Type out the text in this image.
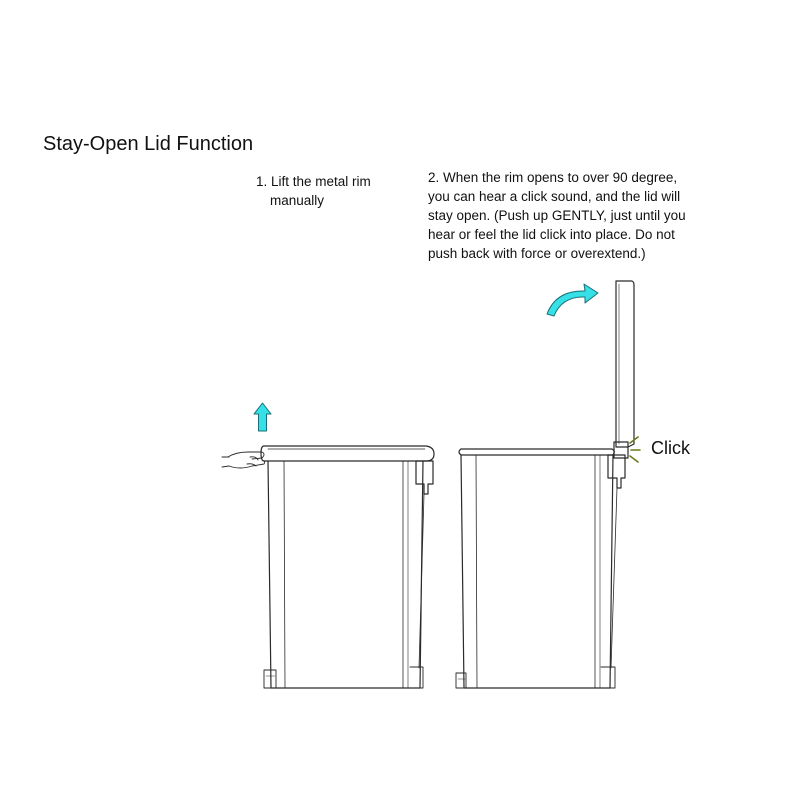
Stay-Open Lid Function
1. Lift the metal rim
manually
2. When the rim opens to over 90 degree,
you can hear a click sound, and the lid will
stay open. (Push up GENTLY, just until you
hear or feel the lid click into place. Do not
push back with force or overextend.)
Click
